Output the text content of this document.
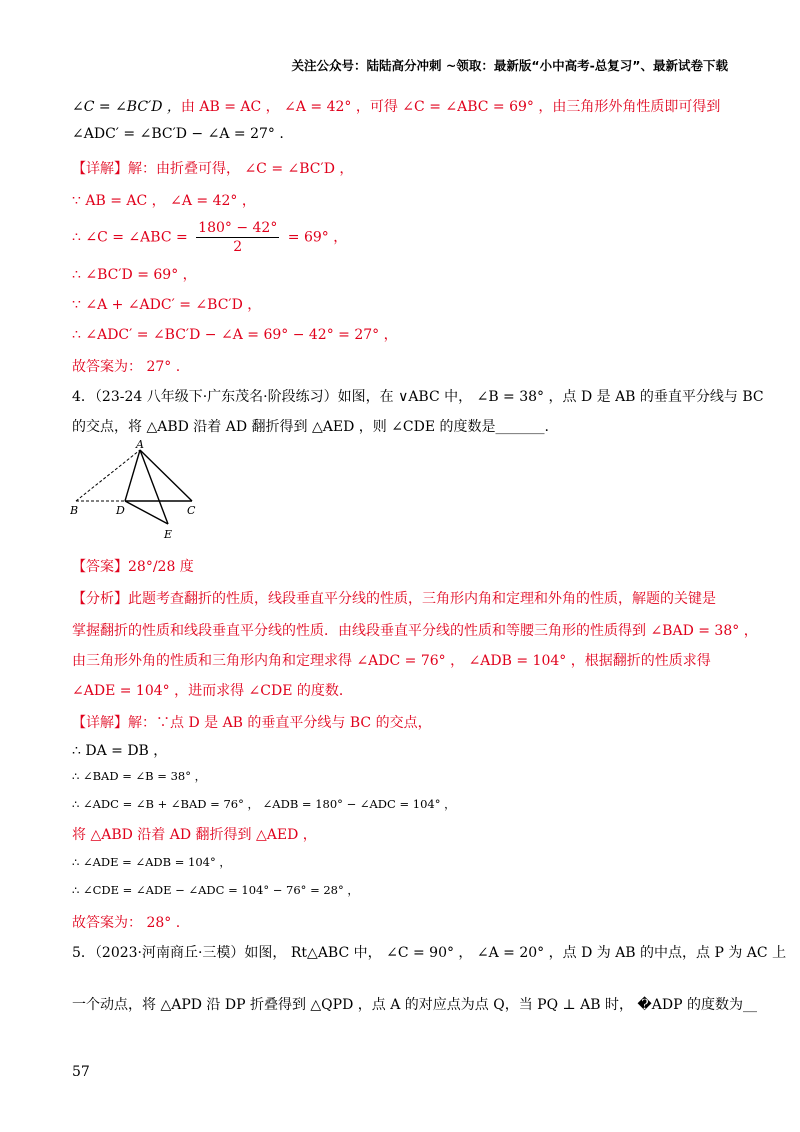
关注公众号：陆陆高分冲刺 ~领取：最新版“小中高考-总复习”、最新试卷下载
∠C = ∠BC′D ，由 AB = AC ， ∠A = 42° ，可得 ∠C = ∠ABC = 69° ，由三角形外角性质即可得到
∠ADC′ = ∠BC′D − ∠A = 27° .
【详解】解：由折叠可得， ∠C = ∠BC′D ，
∵ AB = AC ， ∠A = 42° ，
∴ ∠C = ∠ABC = $\frac{180^\circ - 42^\circ}{2} = 69^\circ$ ，
∴ ∠BC′D = 69° ，
∵ ∠A + ∠ADC′ = ∠BC′D ，
∴ ∠ADC′ = ∠BC′D − ∠A = 69° − 42° = 27° ，
故答案为： 27° .
4．（23-24 八年级下·广东茂名·阶段练习）如图，在 ∨ABC 中， ∠B = 38° ，点 D 是 AB 的垂直平分线与 BC
的交点，将 △ABD 沿着 AD 翻折得到 △AED ，则 ∠CDE 的度数是_______.
A
B	D	C
E
【答案】28°/28 度
【分析】此题考查翻折的性质，线段垂直平分线的性质，三角形内角和定理和外角的性质，解题的关键是
掌握翻折的性质和线段垂直平分线的性质．由线段垂直平分线的性质和等腰三角形的性质得到 ∠BAD = 38° ，
由三角形外角的性质和三角形内角和定理求得 ∠ADC = 76° ， ∠ADB = 104° ，根据翻折的性质求得
∠ADE = 104° ，进而求得 ∠CDE 的度数．
【详解】解：∵点 D 是 AB 的垂直平分线与 BC 的交点，
∴ DA = DB ，
∴ ∠BAD = ∠B = 38° ，
∴ ∠ADC = ∠B + ∠BAD = 76° ， ∠ADB = 180° − ∠ADC = 104° ，
将 △ABD 沿着 AD 翻折得到 △AED ，
∴ ∠ADE = ∠ADB = 104° ，
∴ ∠CDE = ∠ADE − ∠ADC = 104° − 76° = 28° ，
故答案为： 28° .
5．（2023·河南商丘·三模）如图， Rt△ABC 中， ∠C = 90° ， ∠A = 20° ，点 D 为 AB 的中点，点 P 为 AC 上
一个动点，将 △APD 沿 DP 折叠得到 △QPD ，点 A 的对应点为点 Q，当 PQ ⊥ AB 时， �ADP 的度数为__
57
